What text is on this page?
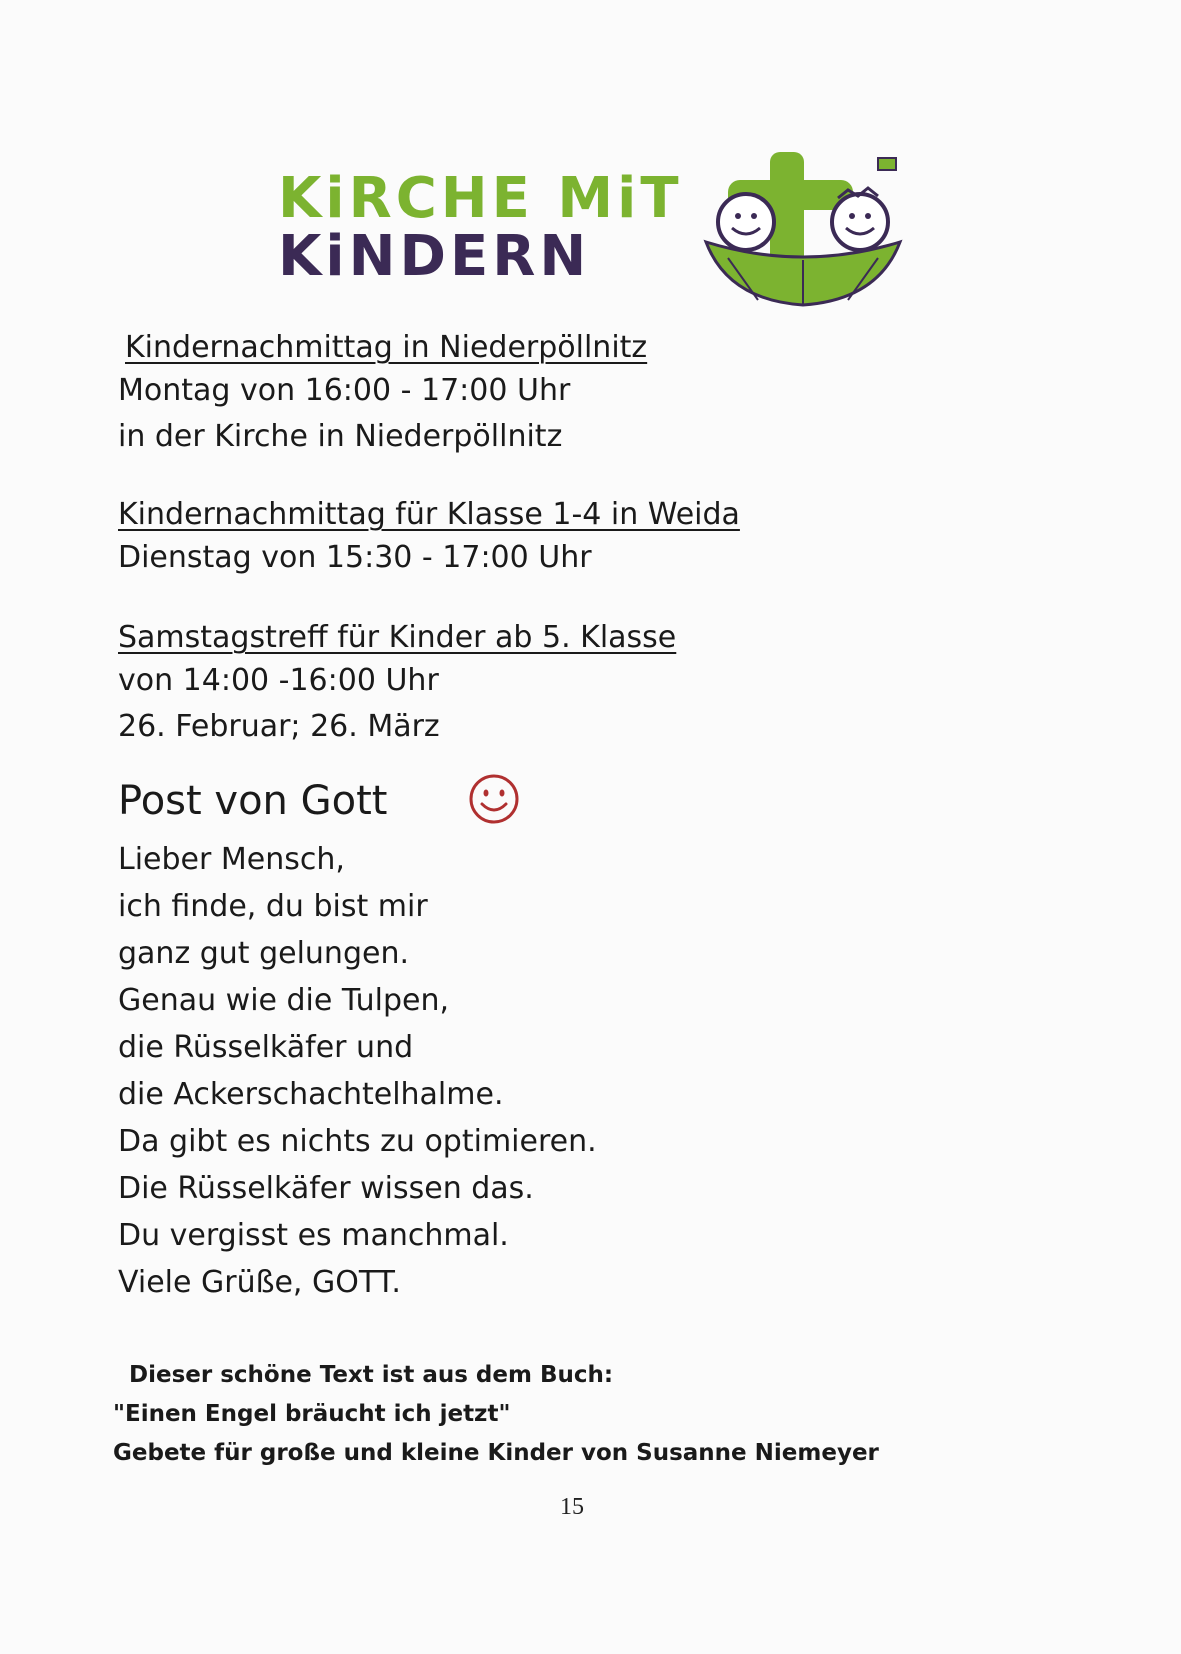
KiRCHE MiT
KiNDERN
Kindernachmittag in Niederpöllnitz
Montag von 16:00 - 17:00 Uhr
in der Kirche in Niederpöllnitz
Kindernachmittag für Klasse 1-4 in Weida
Dienstag von 15:30 - 17:00 Uhr
Samstagstreff für Kinder ab 5. Klasse
von 14:00 -16:00 Uhr
26. Februar; 26. März
Post von Gott
Lieber Mensch,
ich finde, du bist mir
ganz gut gelungen.
Genau wie die Tulpen,
die Rüsselkäfer und
die Ackerschachtelhalme.
Da gibt es nichts zu optimieren.
Die Rüsselkäfer wissen das.
Du vergisst es manchmal.
Viele Grüße, GOTT.
Dieser schöne Text ist aus dem Buch:
"Einen Engel bräucht ich jetzt"
Gebete für große und kleine Kinder von Susanne Niemeyer
15
